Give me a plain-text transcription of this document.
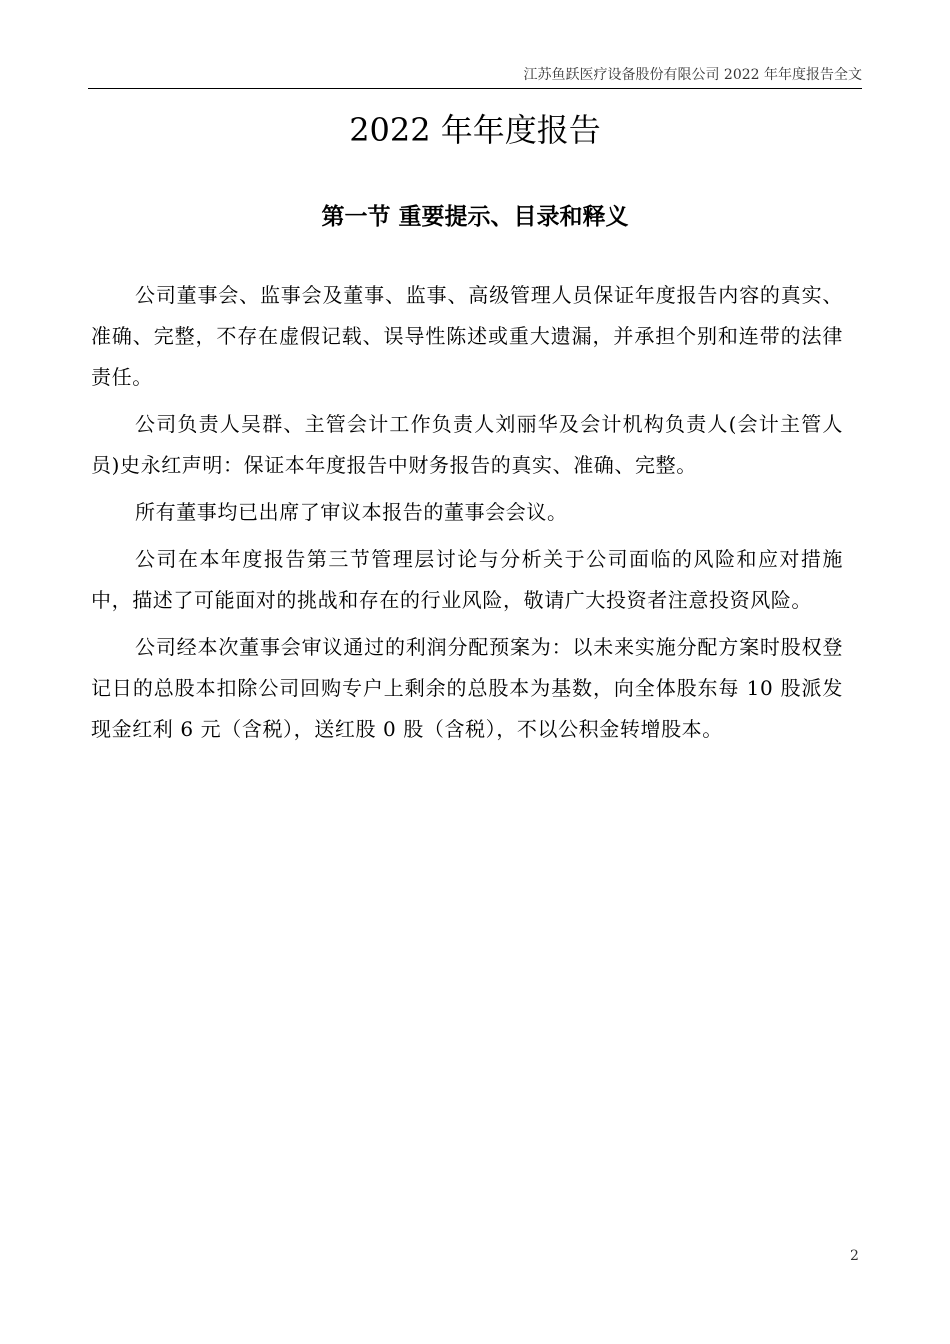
江苏鱼跃医疗设备股份有限公司 2022 年年度报告全文
2022 年年度报告
第一节 重要提示、目录和释义

公司董事会、监事会及董事、监事、高级管理人员保证年度报告内容的真实、准确、完整，不存在虚假记载、误导性陈述或重大遗漏，并承担个别和连带的法律责任。

公司负责人吴群、主管会计工作负责人刘丽华及会计机构负责人(会计主管人员)史永红声明：保证本年度报告中财务报告的真实、准确、完整。

所有董事均已出席了审议本报告的董事会会议。

公司在本年度报告第三节管理层讨论与分析关于公司面临的风险和应对措施中，描述了可能面对的挑战和存在的行业风险，敬请广大投资者注意投资风险。

公司经本次董事会审议通过的利润分配预案为：以未来实施分配方案时股权登记日的总股本扣除公司回购专户上剩余的总股本为基数，向全体股东每 10 股派发现金红利 6 元（含税），送红股 0 股（含税），不以公积金转增股本。

2
